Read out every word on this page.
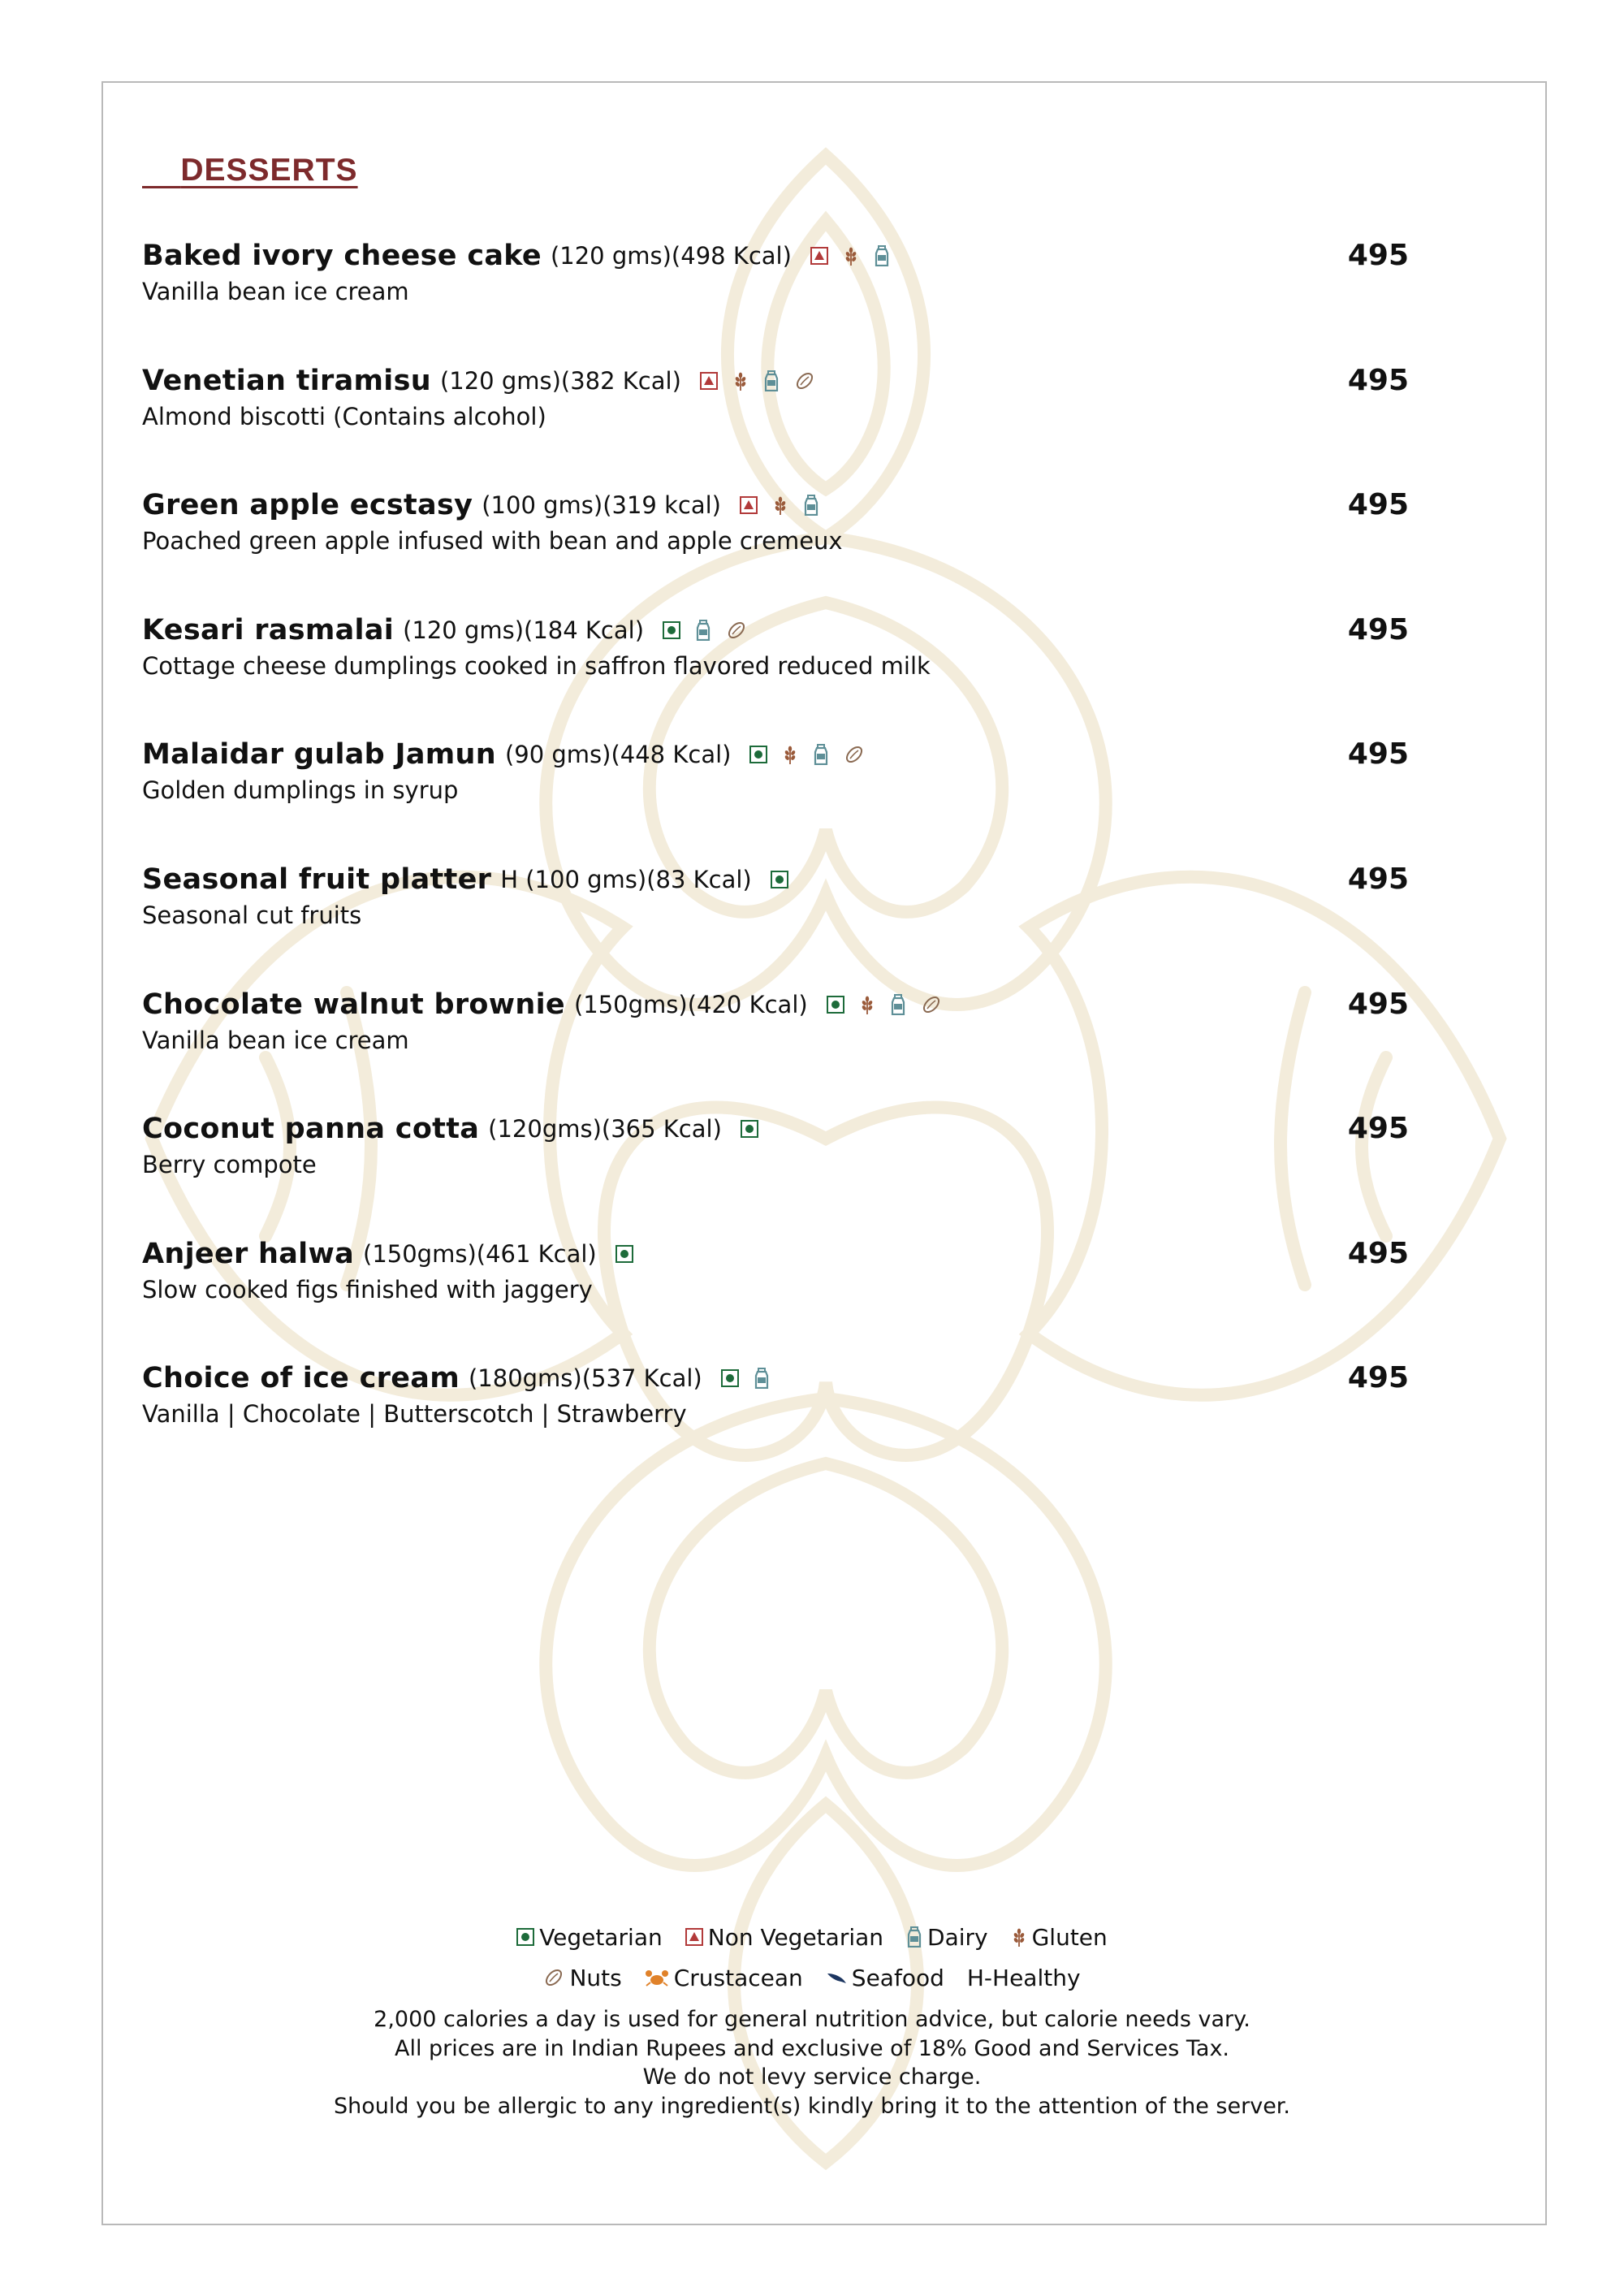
DESSERTS
Baked ivory cheese cake (120 gms)(498 Kcal)
Vanilla bean ice cream
495
Venetian tiramisu (120 gms)(382 Kcal)
Almond biscotti (Contains alcohol)
495
Green apple ecstasy (100 gms)(319 kcal)
Poached green apple infused with bean and apple cremeux
495
Kesari rasmalai (120 gms)(184 Kcal)
Cottage cheese dumplings cooked in saffron flavored reduced milk
495
Malaidar gulab Jamun (90 gms)(448 Kcal)
Golden dumplings in syrup
495
Seasonal fruit platter H (100 gms)(83 Kcal)
Seasonal cut fruits
495
Chocolate walnut brownie (150gms)(420 Kcal)
Vanilla bean ice cream
495
Coconut panna cotta (120gms)(365 Kcal)
Berry compote
495
Anjeer halwa (150gms)(461 Kcal)
Slow cooked figs finished with jaggery
495
Choice of ice cream (180gms)(537 Kcal)
Vanilla | Chocolate | Butterscotch | Strawberry
495
Vegetarian Non Vegetarian Dairy Gluten
Nuts Crustacean Seafood H-Healthy
2,000 calories a day is used for general nutrition advice, but calorie needs vary.
All prices are in Indian Rupees and exclusive of 18% Good and Services Tax.
We do not levy service charge.
Should you be allergic to any ingredient(s) kindly bring it to the attention of the server.
